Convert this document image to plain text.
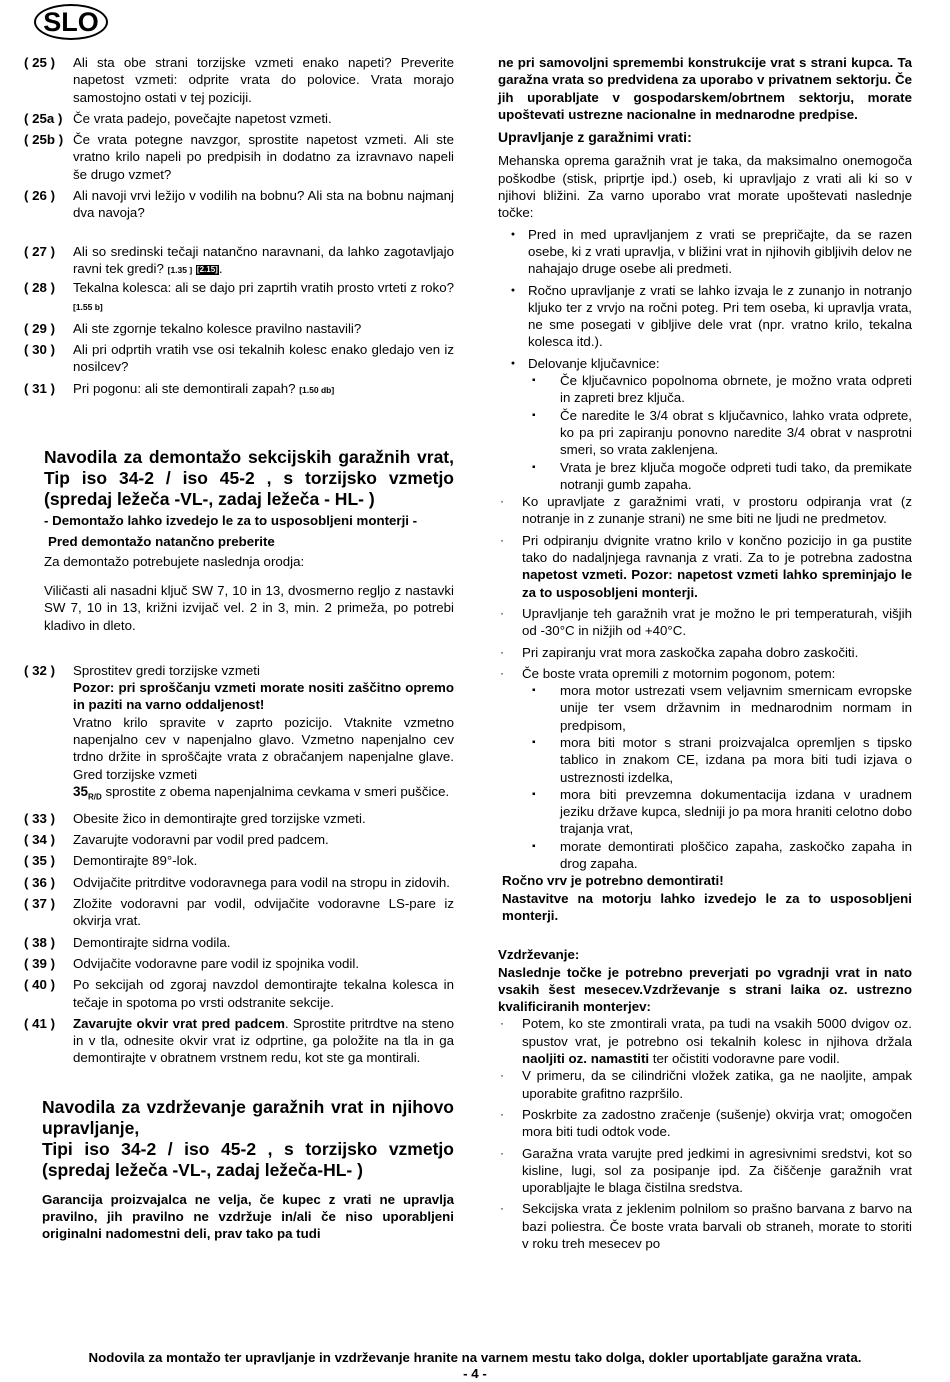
SLO
( 25 )	Ali sta obe strani torzijske vzmeti enako napeti? Preverite napetost vzmeti: odprite vrata do polovice. Vrata morajo samostojno ostati v tej poziciji.
( 25a ) Če vrata padejo, povečajte napetost vzmeti.
( 25b ) Če vrata potegne navzgor, sprostite napetost vzmeti. Ali ste vratno krilo napeli po predpisih in dodatno za izravnavo napeli še drugo vzmet?
( 26 )	Ali navoji vrvi ležijo v vodilih na bobnu? Ali sta na bobnu najmanj dva navoja?
( 27 )	Ali so sredinski tečaji natančno naravnani, da lahko zagotavljajo ravni tek gredi? [1.35 ] [2.15].
( 28 )	Tekalna kolesca: ali se dajo pri zaprtih vratih prosto vrteti z roko? [1.55 b]
( 29 )	Ali ste zgornje tekalno kolesce pravilno nastavili?
( 30 )	Ali pri odprtih vratih vse osi tekalnih kolesc enako gledajo ven iz nosilcev?
( 31 )	Pri pogonu: ali ste demontirali zapah? [1.50 db]
Navodila za demontažo sekcijskih garažnih vrat, Tip iso 34-2 / iso 45-2 , s torzijsko vzmetjo (spredaj ležeča -VL-, zadaj ležeča - HL- )
- Demontažo lahko izvedejo le za to usposobljeni monterji -
Pred demontažo natančno preberite
Za demontažo potrebujete naslednja orodja:
Viličasti ali nasadni ključ SW 7, 10 in 13, dvosmerno reglјo z nastavki SW 7, 10 in 13, križni izvijač vel. 2 in 3, min. 2 primeža, po potrebi kladivo in dleto.
( 32 )	Sprostitev gredi torzijske vzmeti
Pozor: pri sproščanju vzmeti morate nositi zaščitno opremo in paziti na varno oddaljenost!
Vratno krilo spravite v zaprto pozicijo. Vtaknite vzmetno napenjalno cev v napenjalno glavo. Vzmetno napenjalno cev trdno držite in sproščajte vrata z obračanjem napenjalne glave. Gred torzijske vzmeti
$35_{R/D}$ sprostite z obema napenjalnima cevkama v smeri puščice.
( 33 )	Obesite žico in demontirajte gred torzijske vzmeti.
( 34 )	Zavarujte vodoravni par vodil pred padcem.
( 35 )	Demontirajte 89°-lok.
( 36 )	Odvijačite pritrditve vodoravnega para vodil na stropu in zidovih.
( 37 )	Zložite vodoravni par vodil, odvijačite vodoravne LS-pare iz okvirja vrat.
( 38 )	Demontirajte sidrna vodila.
( 39 )	Odvijačite vodoravne pare vodil iz spojnika vodil.
( 40 )	Po sekcijah od zgoraj navzdol demontirajte tekalna kolesca in tečaje in spotoma po vrsti odstranite sekcije.
( 41 )	Zavarujte okvir vrat pred padcem. Sprostite pritrdtve na steno in v tla, odnesite okvir vrat iz odprtine, ga položite na tla in ga demontirajte v obratnem vrstnem redu, kot ste ga montirali.
Navodila za vzdrževanje garažnih vrat in njihovo upravljanje,
Tipi iso 34-2 / iso 45-2 , s torzijsko vzmetjo (spredaj ležeča -VL-, zadaj ležeča-HL- )
Garancija proizvajalca ne velja, če kupec z vrati ne upravlja pravilno, jih pravilno ne vzdržuje in/ali če niso uporabljeni originalni nadomestni deli, prav tako pa tudi
ne pri samovoljni spremembi konstrukcije vrat s strani kupca. Ta garažna vrata so predvidena za uporabo v privatnem sektorju. Če jih uporabljate v gospodarskem/obrtnem sektorju, morate upoštevati ustrezne nacionalne in mednarodne predpise.
Upravljanje z garažnimi vrati:
Mehanska oprema garažnih vrat je taka, da maksimalno onemogoča poškodbe (stisk, priprtje ipd.) oseb, ki upravljajo z vrati ali ki so v njihovi bližini. Za varno uporabo vrat morate upoštevati naslednje točke:
● Pred in med upravljanjem z vrati se prepričajte, da se razen osebe, ki z vrati upravlja, v bližini vrat in njihovih gibljivih delov ne nahajajo druge osebe ali predmeti.
● Ročno upravljanje z vrati se lahko izvaja le z zunanjo in notranjo kljuko ter z vrvjo na ročni poteg. Pri tem oseba, ki upravlja vrata, ne sme posegati v gibljive dele vrat (npr. vratno krilo, tekalna kolesca itd.).
● Delovanje ključavnice:
▪	Če ključavnico popolnoma obrnete, je možno vrata odpreti in zapreti brez ključa.
▪	Če naredite le 3/4 obrat s ključavnico, lahko vrata odprete, ko pa pri zapiranju ponovno naredite 3/4 obrat v nasprotni smeri, so vrata zaklenjena.
▪	Vrata je brez ključa mogoče odpreti tudi tako, da premikate notranji gumb zapaha.
·	Ko upravljate z garažnimi vrati, v prostoru odpiranja vrat (z notranje in z zunanje strani) ne sme biti ne ljudi ne predmetov.
·	Pri odpiranju dvignite vratno krilo v končno pozicijo in ga pustite tako do nadaljnjega ravnanja z vrati. Za to je potrebna zadostna napetost vzmeti. Pozor: napetost vzmeti lahko spreminjajo le za to usposobljeni monterji.
·	Upravljanje teh garažnih vrat je možno le pri temperaturah, višjih od -30°C in nižjih od +40°C.
·	Pri zapiranju vrat mora zaskočka zapaha dobro zaskočiti.
·	Če boste vrata opremili z motornim pogonom, potem:
▪	mora motor ustrezati vsem veljavnim smernicam evropske unije ter vsem državnim in mednarodnim normam in predpisom,
▪	mora biti motor s strani proizvajalca opremljen s tipsko tablico in znakom CE, izdana pa mora biti tudi izjava o ustreznosti izdelka,
▪	mora biti prevzemna dokumentacija izdana v uradnem jeziku države kupca, sledniji jo pa mora hraniti celotno dobo trajanja vrat,
▪	morate demontirati ploščico zapaha, zaskočko zapaha in drog zapaha.
Ročno vrv je potrebno demontirati!
Nastavitve na motorju lahko izvedejo le za to usposobljeni monterji.
Vzdrževanje:
Naslednje točke je potrebno preverjati po vgradnji vrat in nato vsakih šest mesecev.Vzdrževanje s strani laika oz. ustrezno kvalificiranih monterjev:
·	Potem, ko ste zmontirali vrata, pa tudi na vsakih 5000 dvigov oz. spustov vrat, je potrebno osi tekalnih kolesc in njihova držala naoljiti oz. namastiti ter očistiti vodoravne pare vodil.
·	V primeru, da se cilindrični vložek zatika, ga ne naoljite, ampak uporabite grafitno razpršilo.
·	Poskrbite za zadostno zračenje (sušenje) okvirja vrat; omogočen mora biti tudi odtok vode.
·	Garažna vrata varujte pred jedkimi in agresivnimi sredstvi, kot so kisline, lugi, sol za posipanje ipd. Za čiščenje garažnih vrat uporabljajte le blaga čistilna sredstva.
·	Sekcijska vrata z jeklenim polnilom so prašno barvana z barvo na bazi poliestra. Če boste vrata barvali ob straneh, morate to storiti v roku treh mesecev po
Nodovila za montažo ter upravljanje in vzdrževanje hranite na varnem mestu tako dolga, dokler uportabljate garažna vrata.
- 4 -
